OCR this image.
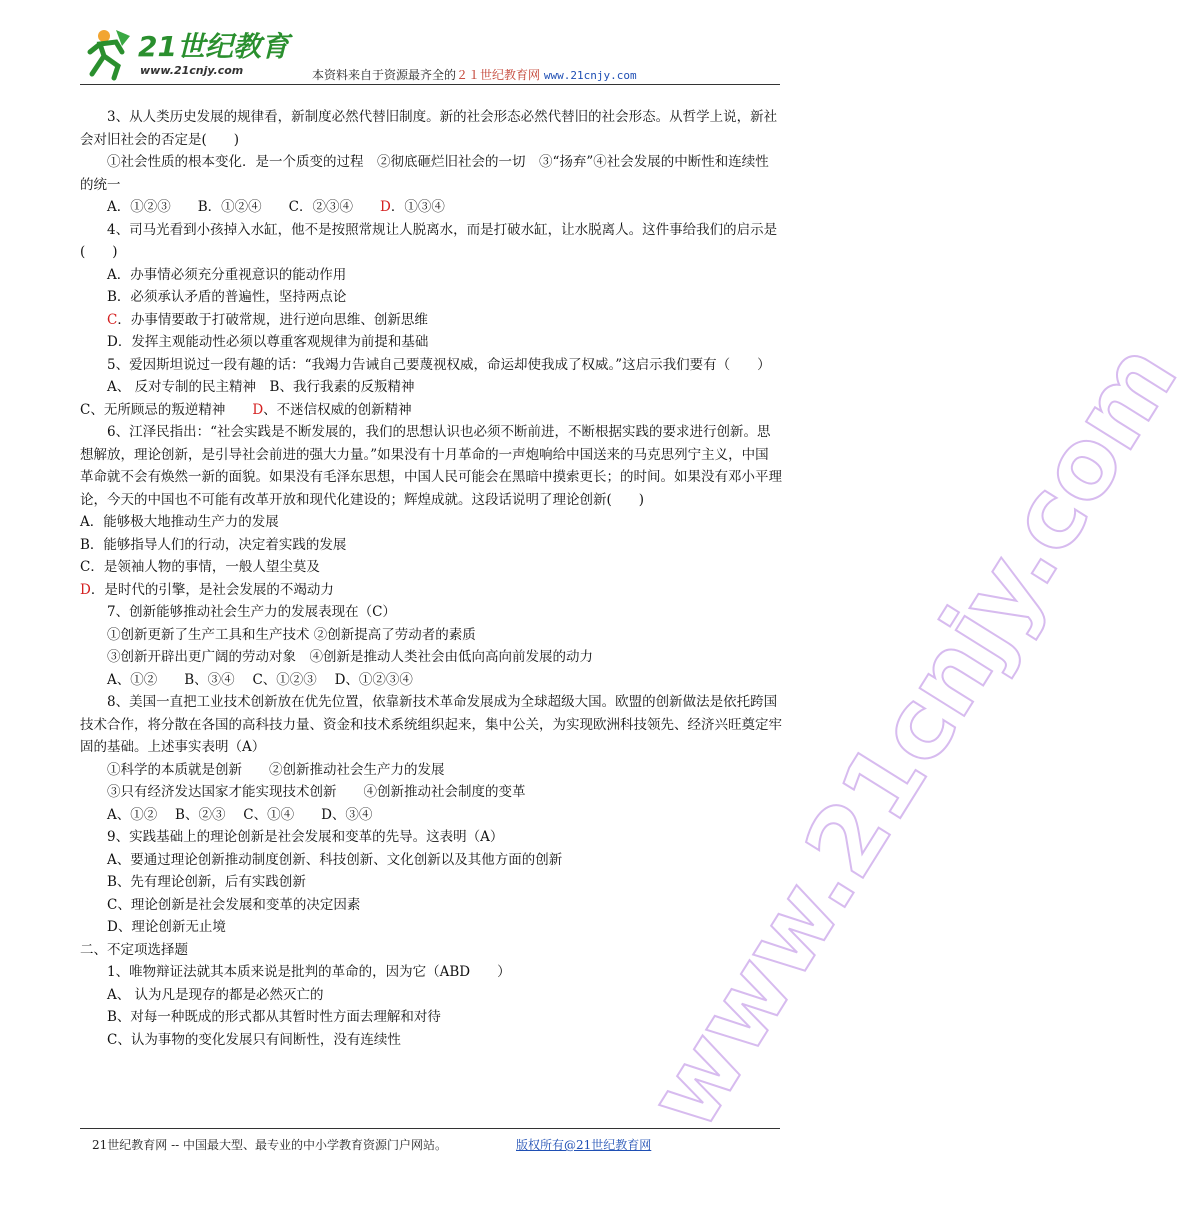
21世纪教育
www.21cnjy.com	本资料来自于资源最齐全的２１世纪教育网 www.21cnjy.com

3、从人类历史发展的规律看，新制度必然代替旧制度。新的社会形态必然代替旧的社会形态。从哲学上说，新社会对旧社会的否定是(　　)

①社会性质的根本变化．是一个质变的过程　②彻底砸烂旧社会的一切　③“扬弃”④社会发展的中断性和连续性的统一

A．①②③　　B．①②④　　C．②③④　　D．①③④

4、司马光看到小孩掉入水缸，他不是按照常规让人脱离水，而是打破水缸，让水脱离人。这件事给我们的启示是(　　)

A．办事情必须充分重视意识的能动作用

B．必须承认矛盾的普遍性，坚持两点论

C．办事情要敢于打破常规，进行逆向思维、创新思维

D．发挥主观能动性必须以尊重客观规律为前提和基础

5、爱因斯坦说过一段有趣的话：“我竭力告诫自己要蔑视权威，命运却使我成了权威。”这启示我们要有（　　）

A、 反对专制的民主精神　B、我行我素的反叛精神

C、无所顾忌的叛逆精神　　D、不迷信权威的创新精神

6、江泽民指出：“社会实践是不断发展的，我们的思想认识也必须不断前进，不断根据实践的要求进行创新。思想解放，理论创新，是引导社会前进的强大力量。”如果没有十月革命的一声炮响给中国送来的马克思列宁主义，中国革命就不会有焕然一新的面貌。如果没有毛泽东思想，中国人民可能会在黑暗中摸索更长；的时间。如果没有邓小平理论，今天的中国也不可能有改革开放和现代化建设的；辉煌成就。这段话说明了理论创新(　　)

A．能够极大地推动生产力的发展

B．能够指导人们的行动，决定着实践的发展

C．是领袖人物的事情，一般人望尘莫及

D．是时代的引擎，是社会发展的不竭动力

7、创新能够推动社会生产力的发展表现在（C）

①创新更新了生产工具和生产技术 ②创新提高了劳动者的素质

③创新开辟出更广阔的劳动对象　④创新是推动人类社会由低向高向前发展的动力

A、①②　　B、③④　 C、①②③　 D、①②③④

8、美国一直把工业技术创新放在优先位置，依靠新技术革命发展成为全球超级大国。欧盟的创新做法是依托跨国技术合作，将分散在各国的高科技力量、资金和技术系统组织起来，集中公关，为实现欧洲科技领先、经济兴旺奠定牢固的基础。上述事实表明（A）

①科学的本质就是创新　　②创新推动社会生产力的发展

③只有经济发达国家才能实现技术创新　　④创新推动社会制度的变革

A、①②　 B、②③　 C、①④　　D、③④

9、实践基础上的理论创新是社会发展和变革的先导。这表明（A）

A、要通过理论创新推动制度创新、科技创新、文化创新以及其他方面的创新

B、先有理论创新，后有实践创新

C、理论创新是社会发展和变革的决定因素

D、理论创新无止境

二、不定项选择题

1、唯物辩证法就其本质来说是批判的革命的，因为它（ABD　　）

A、 认为凡是现存的都是必然灭亡的

B、对每一种既成的形式都从其暂时性方面去理解和对待

C、认为事物的变化发展只有间断性，没有连续性	www.21cnjy.com
21世纪教育网 -- 中国最大型、最专业的中小学教育资源门户网站。	版权所有@21世纪教育网
